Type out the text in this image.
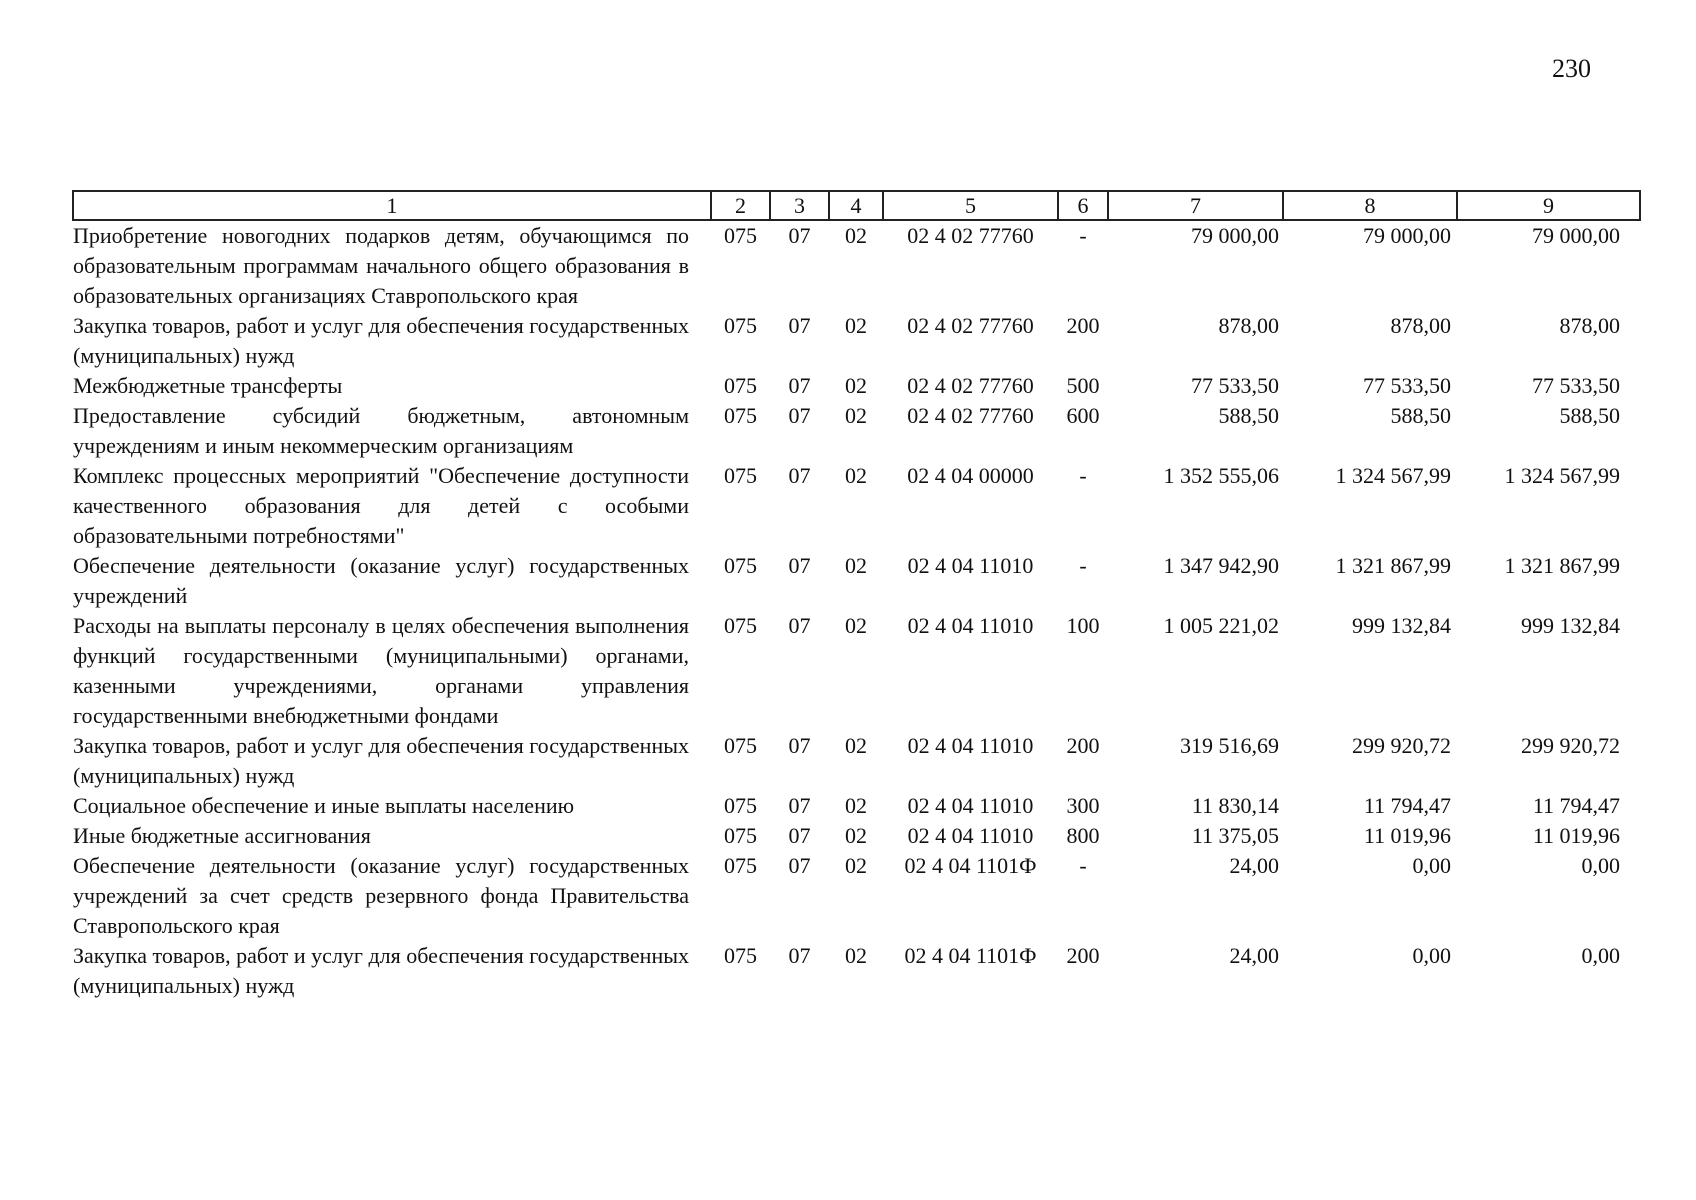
230
1	2	3	4	5	6	7	8	9
Приобретение новогодних подарков детям, обучающимся по образовательным программам начального общего образования в образовательных организациях Ставропольского края	075	07	02	02 4 02 77760	-	79 000,00	79 000,00	79 000,00
Закупка товаров, работ и услуг для обеспечения государственных (муниципальных) нужд	075	07	02	02 4 02 77760	200	878,00	878,00	878,00
Межбюджетные трансферты	075	07	02	02 4 02 77760	500	77 533,50	77 533,50	77 533,50
Предоставление субсидий бюджетным, автономным учреждениям и иным некоммерческим организациям	075	07	02	02 4 02 77760	600	588,50	588,50	588,50
Комплекс процессных мероприятий "Обеспечение доступности качественного образования для детей с особыми образовательными потребностями"	075	07	02	02 4 04 00000	-	1 352 555,06	1 324 567,99	1 324 567,99
Обеспечение деятельности (оказание услуг) государственных учреждений	075	07	02	02 4 04 11010	-	1 347 942,90	1 321 867,99	1 321 867,99
Расходы на выплаты персоналу в целях обеспечения выполнения функций государственными (муниципальными) органами, казенными учреждениями, органами управления государственными внебюджетными фондами	075	07	02	02 4 04 11010	100	1 005 221,02	999 132,84	999 132,84
Закупка товаров, работ и услуг для обеспечения государственных (муниципальных) нужд	075	07	02	02 4 04 11010	200	319 516,69	299 920,72	299 920,72
Социальное обеспечение и иные выплаты населению	075	07	02	02 4 04 11010	300	11 830,14	11 794,47	11 794,47
Иные бюджетные ассигнования	075	07	02	02 4 04 11010	800	11 375,05	11 019,96	11 019,96
Обеспечение деятельности (оказание услуг) государственных учреждений за счет средств резервного фонда Правительства Ставропольского края	075	07	02	02 4 04 1101Ф	-	24,00	0,00	0,00
Закупка товаров, работ и услуг для обеспечения государственных (муниципальных) нужд	075	07	02	02 4 04 1101Ф	200	24,00	0,00	0,00
